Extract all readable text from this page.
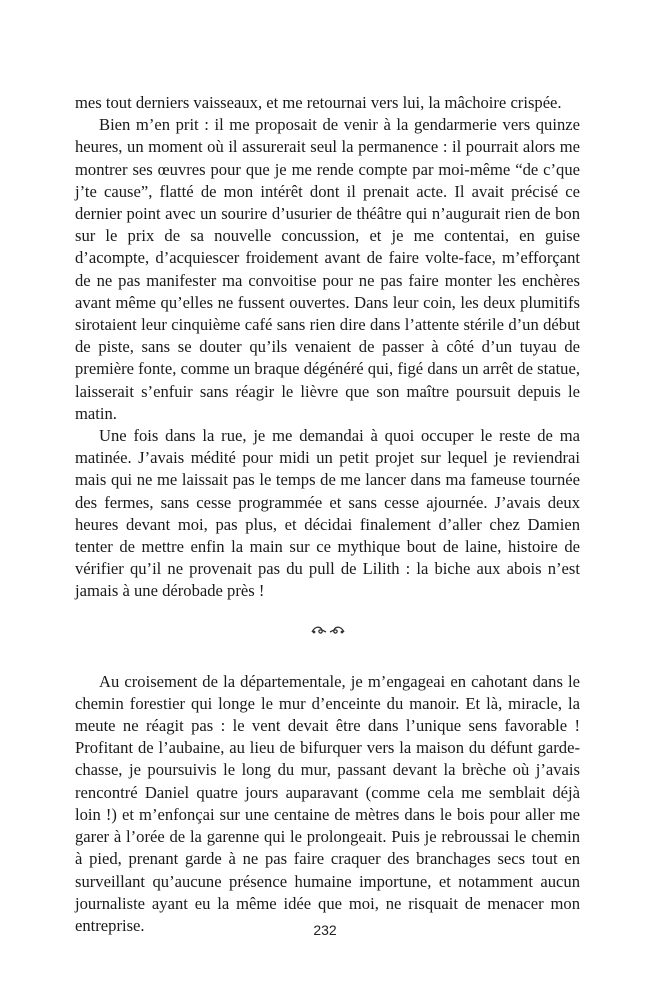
mes tout derniers vaisseaux, et me retournai vers lui, la mâchoire crispée.

Bien m’en prit : il me proposait de venir à la gendarmerie vers quinze heures, un moment où il assurerait seul la permanence : il pourrait alors me montrer ses œuvres pour que je me rende compte par moi-même “de c’que j’te cause”, flatté de mon intérêt dont il prenait acte. Il avait précisé ce dernier point avec un sourire d’usurier de théâtre qui n’augurait rien de bon sur le prix de sa nouvelle concussion, et je me contentai, en guise d’acompte, d’acquiescer froidement avant de faire volte-face, m’efforçant de ne pas manifester ma convoitise pour ne pas faire monter les enchères avant même qu’elles ne fussent ouvertes. Dans leur coin, les deux plumitifs sirotaient leur cinquième café sans rien dire dans l’attente stérile d’un début de piste, sans se douter qu’ils venaient de passer à côté d’un tuyau de première fonte, comme un braque dégénéré qui, figé dans un arrêt de statue, laisserait s’enfuir sans réagir le lièvre que son maître poursuit depuis le matin.

Une fois dans la rue, je me demandai à quoi occuper le reste de ma matinée. J’avais médité pour midi un petit projet sur lequel je reviendrai mais qui ne me laissait pas le temps de me lancer dans ma fameuse tournée des fermes, sans cesse programmée et sans cesse ajournée. J’avais deux heures devant moi, pas plus, et décidai finalement d’aller chez Damien tenter de mettre enfin la main sur ce mythique bout de laine, histoire de vérifier qu’il ne provenait pas du pull de Lilith : la biche aux abois n’est jamais à une dérobade près !

Au croisement de la départementale, je m’engageai en cahotant dans le chemin forestier qui longe le mur d’enceinte du manoir. Et là, miracle, la meute ne réagit pas : le vent devait être dans l’unique sens favorable ! Profitant de l’aubaine, au lieu de bifurquer vers la maison du défunt garde-chasse, je poursuivis le long du mur, passant devant la brèche où j’avais rencontré Daniel quatre jours auparavant (comme cela me semblait déjà loin !) et m’enfonçai sur une centaine de mètres dans le bois pour aller me garer à l’orée de la garenne qui le prolongeait. Puis je rebroussai le chemin à pied, prenant garde à ne pas faire craquer des branchages secs tout en surveillant qu’aucune présence humaine importune, et notamment aucun journaliste ayant eu la même idée que moi, ne risquait de menacer mon entreprise.	232
